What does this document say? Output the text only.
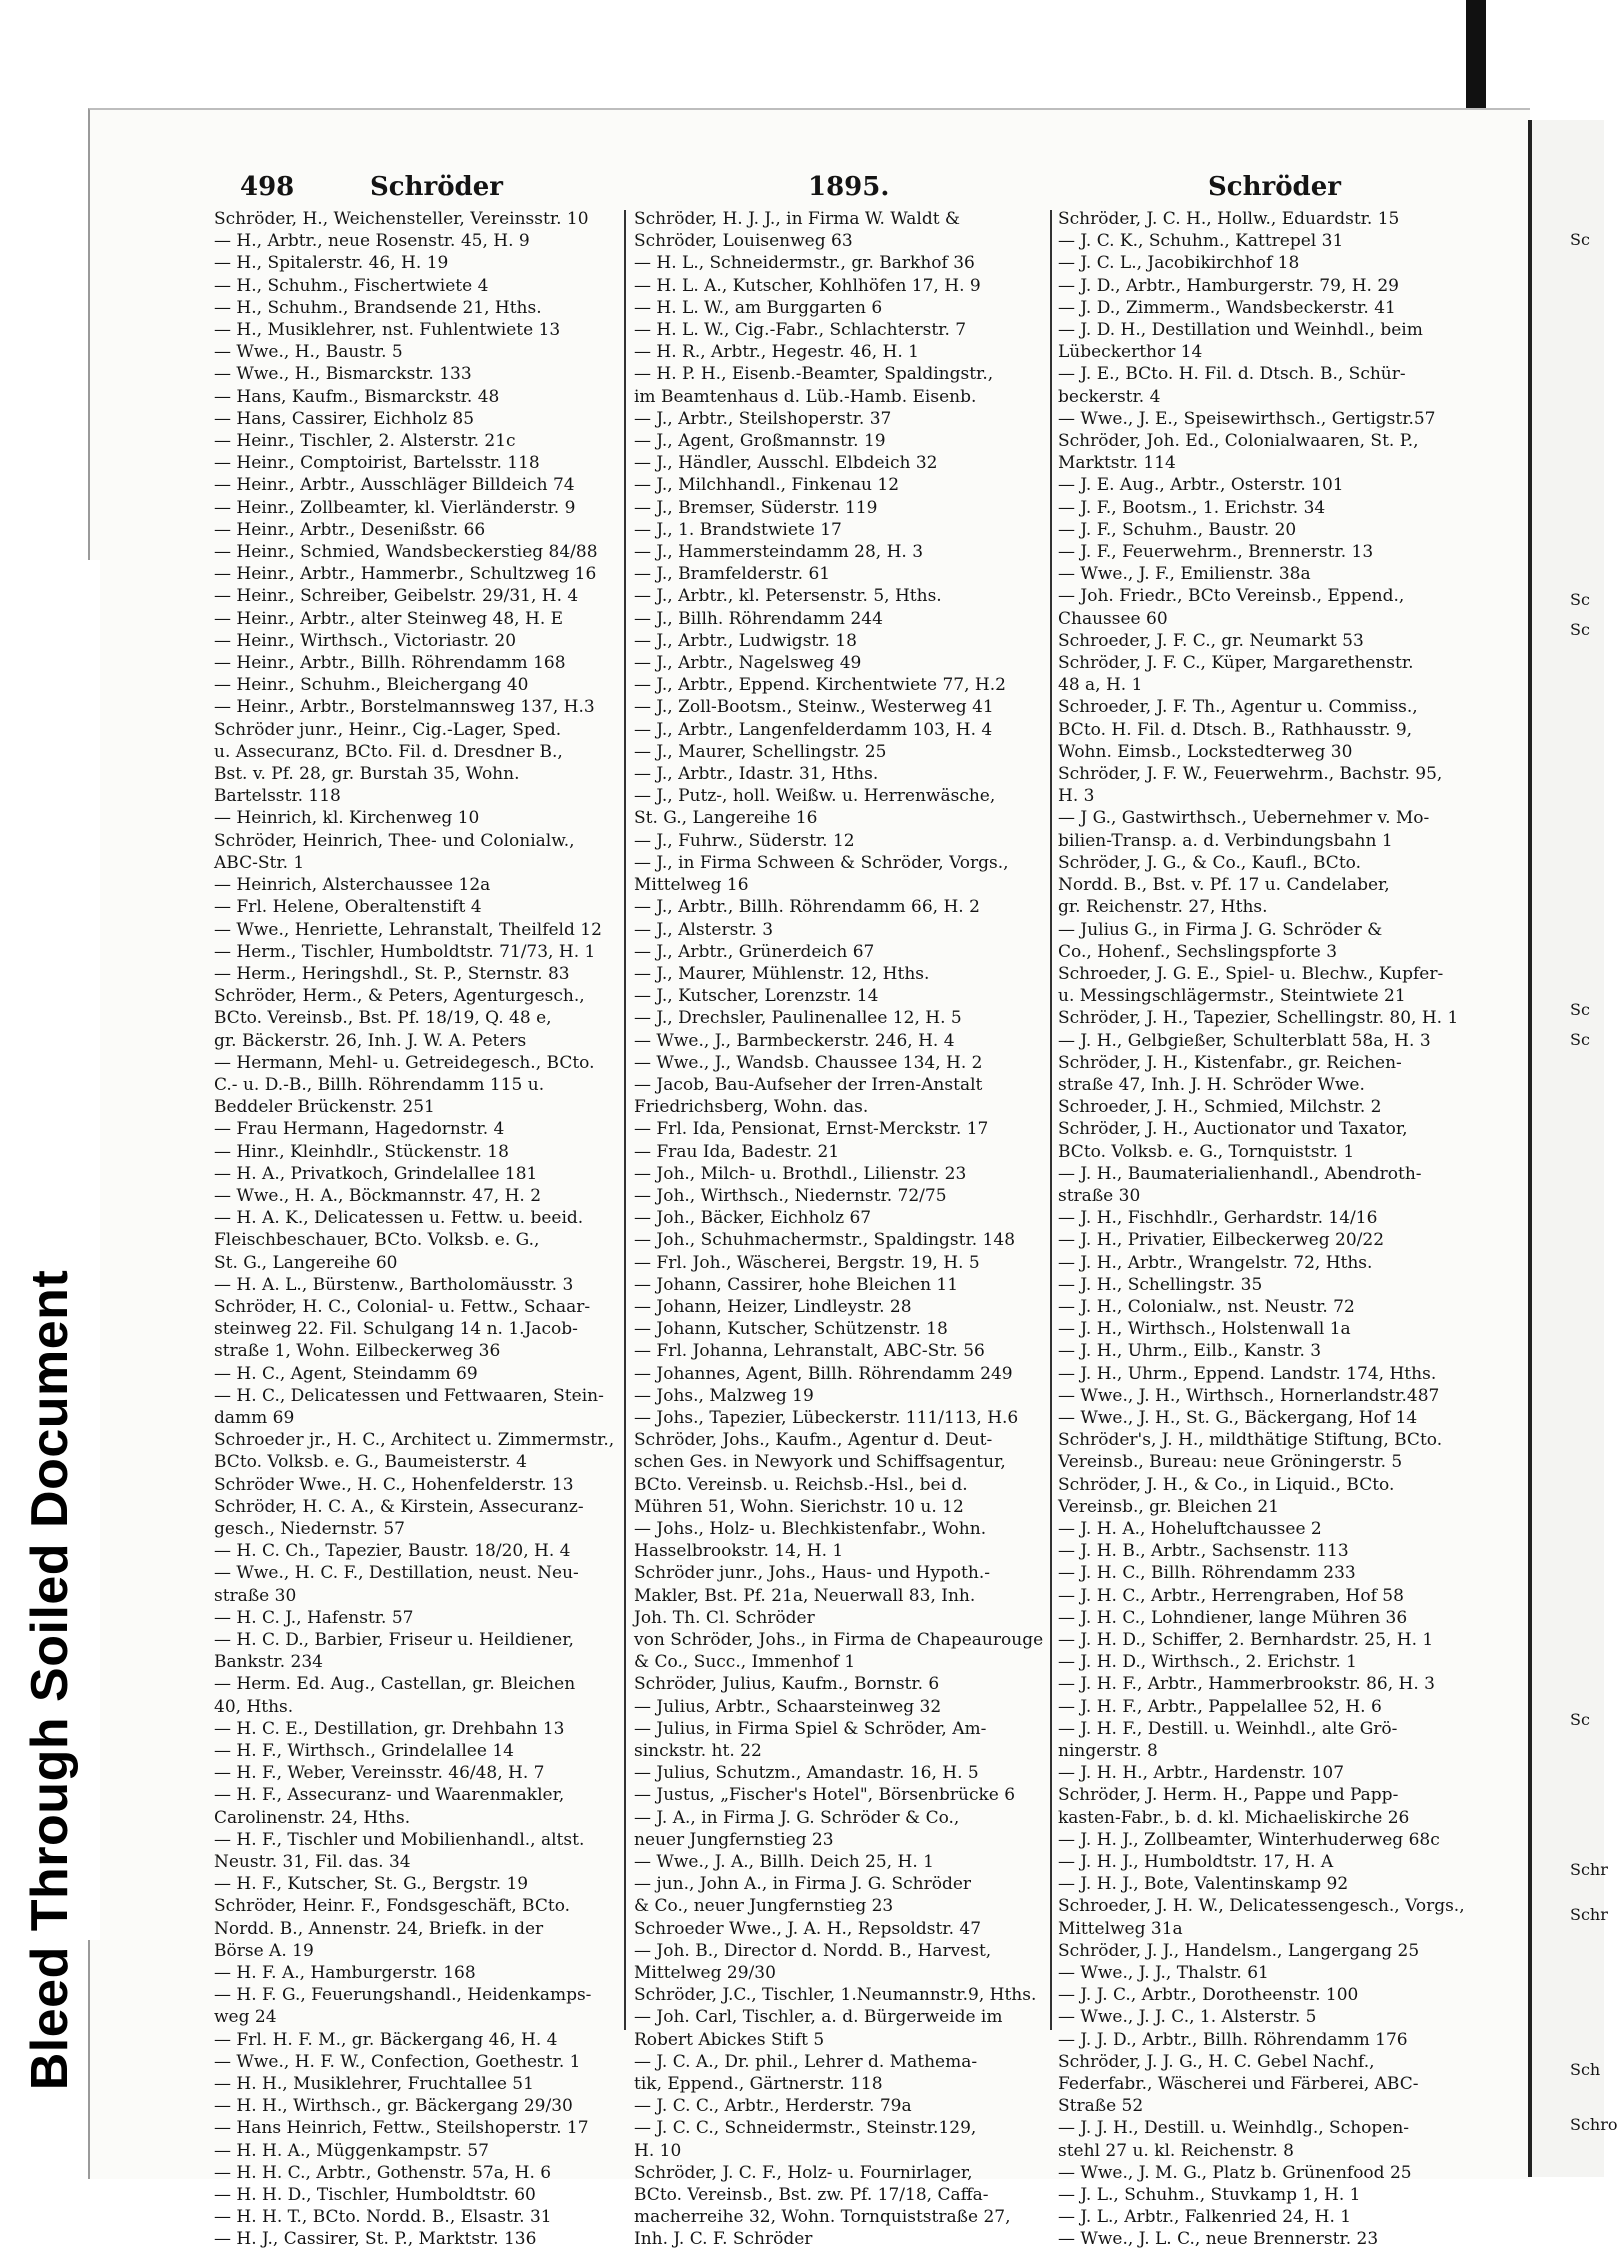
Bleed Through Soiled Document
498	Schröder	1895.	Schröder
Schröder, H., Weichensteller, Vereinsstr. 10
— H., Arbtr., neue Rosenstr. 45, H. 9
— H., Spitalerstr. 46, H. 19
— H., Schuhm., Fischertwiete 4
— H., Schuhm., Brandsende 21, Hths.
— H., Musiklehrer, nst. Fuhlentwiete 13
— Wwe., H., Baustr. 5
— Wwe., H., Bismarckstr. 133
— Hans, Kaufm., Bismarckstr. 48
— Hans, Cassirer, Eichholz 85
— Heinr., Tischler, 2. Alsterstr. 21c
— Heinr., Comptoirist, Bartelsstr. 118
— Heinr., Arbtr., Ausschläger Billdeich 74
— Heinr., Zollbeamter, kl. Vierländerstr. 9
— Heinr., Arbtr., Desenißstr. 66
— Heinr., Schmied, Wandsbeckerstieg 84/88
— Heinr., Arbtr., Hammerbr., Schultzweg 16
— Heinr., Schreiber, Geibelstr. 29/31, H. 4
— Heinr., Arbtr., alter Steinweg 48, H. E
— Heinr., Wirthsch., Victoriastr. 20
— Heinr., Arbtr., Billh. Röhrendamm 168
— Heinr., Schuhm., Bleichergang 40
— Heinr., Arbtr., Borstelmannsweg 137, H.3
Schröder junr., Heinr., Cig.-Lager, Sped.
u. Assecuranz, BCto. Fil. d. Dresdner B.,
Bst. v. Pf. 28, gr. Burstah 35, Wohn.
Bartelsstr. 118
— Heinrich, kl. Kirchenweg 10
Schröder, Heinrich, Thee- und Colonialw.,
ABC-Str. 1
— Heinrich, Alsterchaussee 12a
— Frl. Helene, Oberaltenstift 4
— Wwe., Henriette, Lehranstalt, Theilfeld 12
— Herm., Tischler, Humboldtstr. 71/73, H. 1
— Herm., Heringshdl., St. P., Sternstr. 83
Schröder, Herm., & Peters, Agenturgesch.,
BCto. Vereinsb., Bst. Pf. 18/19, Q. 48 e,
gr. Bäckerstr. 26, Inh. J. W. A. Peters
— Hermann, Mehl- u. Getreidegesch., BCto.
C.- u. D.-B., Billh. Röhrendamm 115 u.
Beddeler Brückenstr. 251
— Frau Hermann, Hagedornstr. 4
— Hinr., Kleinhdlr., Stückenstr. 18
— H. A., Privatkoch, Grindelallee 181
— Wwe., H. A., Böckmannstr. 47, H. 2
— H. A. K., Delicatessen u. Fettw. u. beeid.
Fleischbeschauer, BCto. Volksb. e. G.,
St. G., Langereihe 60
— H. A. L., Bürstenw., Bartholomäusstr. 3
Schröder, H. C., Colonial- u. Fettw., Schaar-
steinweg 22. Fil. Schulgang 14 n. 1.Jacob-
straße 1, Wohn. Eilbeckerweg 36
— H. C., Agent, Steindamm 69
— H. C., Delicatessen und Fettwaaren, Stein-
damm 69
Schroeder jr., H. C., Architect u. Zimmermstr.,
BCto. Volksb. e. G., Baumeisterstr. 4
Schröder Wwe., H. C., Hohenfelderstr. 13
Schröder, H. C. A., & Kirstein, Assecuranz-
gesch., Niedernstr. 57
— H. C. Ch., Tapezier, Baustr. 18/20, H. 4
— Wwe., H. C. F., Destillation, neust. Neu-
straße 30
— H. C. J., Hafenstr. 57
— H. C. D., Barbier, Friseur u. Heildiener,
Bankstr. 234
— Herm. Ed. Aug., Castellan, gr. Bleichen
40, Hths.
— H. C. E., Destillation, gr. Drehbahn 13
— H. F., Wirthsch., Grindelallee 14
— H. F., Weber, Vereinsstr. 46/48, H. 7
— H. F., Assecuranz- und Waarenmakler,
Carolinenstr. 24, Hths.
— H. F., Tischler und Mobilienhandl., altst.
Neustr. 31, Fil. das. 34
— H. F., Kutscher, St. G., Bergstr. 19
Schröder, Heinr. F., Fondsgeschäft, BCto.
Nordd. B., Annenstr. 24, Briefk. in der
Börse A. 19
— H. F. A., Hamburgerstr. 168
— H. F. G., Feuerungshandl., Heidenkamps-
weg 24
— Frl. H. F. M., gr. Bäckergang 46, H. 4
— Wwe., H. F. W., Confection, Goethestr. 1
— H. H., Musiklehrer, Fruchtallee 51
— H. H., Wirthsch., gr. Bäckergang 29/30
— Hans Heinrich, Fettw., Steilshoperstr. 17
— H. H. A., Müggenkampstr. 57
— H. H. C., Arbtr., Gothenstr. 57a, H. 6
— H. H. D., Tischler, Humboldtstr. 60
— H. H. T., BCto. Nordd. B., Elsastr. 31
— H. J., Cassirer, St. P., Marktstr. 136
Schröder, H. J. J., in Firma W. Waldt &
Schröder, Louisenweg 63
— H. L., Schneidermstr., gr. Barkhof 36
— H. L. A., Kutscher, Kohlhöfen 17, H. 9
— H. L. W., am Burggarten 6
— H. L. W., Cig.-Fabr., Schlachterstr. 7
— H. R., Arbtr., Hegestr. 46, H. 1
— H. P. H., Eisenb.-Beamter, Spaldingstr.,
im Beamtenhaus d. Lüb.-Hamb. Eisenb.
— J., Arbtr., Steilshoperstr. 37
— J., Agent, Großmannstr. 19
— J., Händler, Ausschl. Elbdeich 32
— J., Milchhandl., Finkenau 12
— J., Bremser, Süderstr. 119
— J., 1. Brandstwiete 17
— J., Hammersteindamm 28, H. 3
— J., Bramfelderstr. 61
— J., Arbtr., kl. Petersenstr. 5, Hths.
— J., Billh. Röhrendamm 244
— J., Arbtr., Ludwigstr. 18
— J., Arbtr., Nagelsweg 49
— J., Arbtr., Eppend. Kirchentwiete 77, H.2
— J., Zoll-Bootsm., Steinw., Westerweg 41
— J., Arbtr., Langenfelderdamm 103, H. 4
— J., Maurer, Schellingstr. 25
— J., Arbtr., Idastr. 31, Hths.
— J., Putz-, holl. Weißw. u. Herrenwäsche,
St. G., Langereihe 16
— J., Fuhrw., Süderstr. 12
— J., in Firma Schween & Schröder, Vorgs.,
Mittelweg 16
— J., Arbtr., Billh. Röhrendamm 66, H. 2
— J., Alsterstr. 3
— J., Arbtr., Grünerdeich 67
— J., Maurer, Mühlenstr. 12, Hths.
— J., Kutscher, Lorenzstr. 14
— J., Drechsler, Paulinenallee 12, H. 5
— Wwe., J., Barmbeckerstr. 246, H. 4
— Wwe., J., Wandsb. Chaussee 134, H. 2
— Jacob, Bau-Aufseher der Irren-Anstalt
Friedrichsberg, Wohn. das.
— Frl. Ida, Pensionat, Ernst-Merckstr. 17
— Frau Ida, Badestr. 21
— Joh., Milch- u. Brothdl., Lilienstr. 23
— Joh., Wirthsch., Niedernstr. 72/75
— Joh., Bäcker, Eichholz 67
— Joh., Schuhmachermstr., Spaldingstr. 148
— Frl. Joh., Wäscherei, Bergstr. 19, H. 5
— Johann, Cassirer, hohe Bleichen 11
— Johann, Heizer, Lindleystr. 28
— Johann, Kutscher, Schützenstr. 18
— Frl. Johanna, Lehranstalt, ABC-Str. 56
— Johannes, Agent, Billh. Röhrendamm 249
— Johs., Malzweg 19
— Johs., Tapezier, Lübeckerstr. 111/113, H.6
Schröder, Johs., Kaufm., Agentur d. Deut-
schen Ges. in Newyork und Schiffsagentur,
BCto. Vereinsb. u. Reichsb.-Hsl., bei d.
Mühren 51, Wohn. Sierichstr. 10 u. 12
— Johs., Holz- u. Blechkistenfabr., Wohn.
Hasselbrookstr. 14, H. 1
Schröder junr., Johs., Haus- und Hypoth.-
Makler, Bst. Pf. 21a, Neuerwall 83, Inh.
Joh. Th. Cl. Schröder
von Schröder, Johs., in Firma de Chapeaurouge
& Co., Succ., Immenhof 1
Schröder, Julius, Kaufm., Bornstr. 6
— Julius, Arbtr., Schaarsteinweg 32
— Julius, in Firma Spiel & Schröder, Am-
sinckstr. ht. 22
— Julius, Schutzm., Amandastr. 16, H. 5
— Justus, „Fischer's Hotel", Börsenbrücke 6
— J. A., in Firma J. G. Schröder & Co.,
neuer Jungfernstieg 23
— Wwe., J. A., Billh. Deich 25, H. 1
— jun., John A., in Firma J. G. Schröder
& Co., neuer Jungfernstieg 23
Schroeder Wwe., J. A. H., Repsoldstr. 47
— Joh. B., Director d. Nordd. B., Harvest,
Mittelweg 29/30
Schröder, J.C., Tischler, 1.Neumannstr.9, Hths.
— Joh. Carl, Tischler, a. d. Bürgerweide im
Robert Abickes Stift 5
— J. C. A., Dr. phil., Lehrer d. Mathema-
tik, Eppend., Gärtnerstr. 118
— J. C. C., Arbtr., Herderstr. 79a
— J. C. C., Schneidermstr., Steinstr.129,
H. 10
Schröder, J. C. F., Holz- u. Fournirlager,
BCto. Vereinsb., Bst. zw. Pf. 17/18, Caffa-
macherreihe 32, Wohn. Tornquiststraße 27,
Inh. J. C. F. Schröder
Schröder, J. C. H., Hollw., Eduardstr. 15
— J. C. K., Schuhm., Kattrepel 31
— J. C. L., Jacobikirchhof 18
— J. D., Arbtr., Hamburgerstr. 79, H. 29
— J. D., Zimmerm., Wandsbeckerstr. 41
— J. D. H., Destillation und Weinhdl., beim
Lübeckerthor 14
— J. E., BCto. H. Fil. d. Dtsch. B., Schür-
beckerstr. 4
— Wwe., J. E., Speisewirthsch., Gertigstr.57
Schröder, Joh. Ed., Colonialwaaren, St. P.,
Marktstr. 114
— J. E. Aug., Arbtr., Osterstr. 101
— J. F., Bootsm., 1. Erichstr. 34
— J. F., Schuhm., Baustr. 20
— J. F., Feuerwehrm., Brennerstr. 13
— Wwe., J. F., Emilienstr. 38a
— Joh. Friedr., BCto Vereinsb., Eppend.,
Chaussee 60
Schroeder, J. F. C., gr. Neumarkt 53
Schröder, J. F. C., Küper, Margarethenstr.
48 a, H. 1
Schroeder, J. F. Th., Agentur u. Commiss.,
BCto. H. Fil. d. Dtsch. B., Rathhausstr. 9,
Wohn. Eimsb., Lockstedterweg 30
Schröder, J. F. W., Feuerwehrm., Bachstr. 95,
H. 3
— J G., Gastwirthsch., Uebernehmer v. Mo-
bilien-Transp. a. d. Verbindungsbahn 1
Schröder, J. G., & Co., Kaufl., BCto.
Nordd. B., Bst. v. Pf. 17 u. Candelaber,
gr. Reichenstr. 27, Hths.
— Julius G., in Firma J. G. Schröder &
Co., Hohenf., Sechslingspforte 3
Schroeder, J. G. E., Spiel- u. Blechw., Kupfer-
u. Messingschlägermstr., Steintwiete 21
Schröder, J. H., Tapezier, Schellingstr. 80, H. 1
— J. H., Gelbgießer, Schulterblatt 58a, H. 3
Schröder, J. H., Kistenfabr., gr. Reichen-
straße 47, Inh. J. H. Schröder Wwe.
Schroeder, J. H., Schmied, Milchstr. 2
Schröder, J. H., Auctionator und Taxator,
BCto. Volksb. e. G., Tornquiststr. 1
— J. H., Baumaterialienhandl., Abendroth-
straße 30
— J. H., Fischhdlr., Gerhardstr. 14/16
— J. H., Privatier, Eilbeckerweg 20/22
— J. H., Arbtr., Wrangelstr. 72, Hths.
— J. H., Schellingstr. 35
— J. H., Colonialw., nst. Neustr. 72
— J. H., Wirthsch., Holstenwall 1a
— J. H., Uhrm., Eilb., Kanstr. 3
— J. H., Uhrm., Eppend. Landstr. 174, Hths.
— Wwe., J. H., Wirthsch., Hornerlandstr.487
— Wwe., J. H., St. G., Bäckergang, Hof 14
Schröder's, J. H., mildthätige Stiftung, BCto.
Vereinsb., Bureau: neue Gröningerstr. 5
Schröder, J. H., & Co., in Liquid., BCto.
Vereinsb., gr. Bleichen 21
— J. H. A., Hoheluftchaussee 2
— J. H. B., Arbtr., Sachsenstr. 113
— J. H. C., Billh. Röhrendamm 233
— J. H. C., Arbtr., Herrengraben, Hof 58
— J. H. C., Lohndiener, lange Mühren 36
— J. H. D., Schiffer, 2. Bernhardstr. 25, H. 1
— J. H. D., Wirthsch., 2. Erichstr. 1
— J. H. F., Arbtr., Hammerbrookstr. 86, H. 3
— J. H. F., Arbtr., Pappelallee 52, H. 6
— J. H. F., Destill. u. Weinhdl., alte Grö-
ningerstr. 8
— J. H. H., Arbtr., Hardenstr. 107
Schröder, J. Herm. H., Pappe und Papp-
kasten-Fabr., b. d. kl. Michaeliskirche 26
— J. H. J., Zollbeamter, Winterhuderweg 68c
— J. H. J., Humboldtstr. 17, H. A
— J. H. J., Bote, Valentinskamp 92
Schroeder, J. H. W., Delicatessengesch., Vorgs.,
Mittelweg 31a
Schröder, J. J., Handelsm., Langergang 25
— Wwe., J. J., Thalstr. 61
— J. J. C., Arbtr., Dorotheenstr. 100
— Wwe., J. J. C., 1. Alsterstr. 5
— J. J. D., Arbtr., Billh. Röhrendamm 176
Schröder, J. J. G., H. C. Gebel Nachf.,
Federfabr., Wäscherei und Färberei, ABC-
Straße 52
— J. J. H., Destill. u. Weinhdlg., Schopen-
stehl 27 u. kl. Reichenstr. 8
— Wwe., J. M. G., Platz b. Grünenfood 25
— J. L., Schuhm., Stuvkamp 1, H. 1
— J. L., Arbtr., Falkenried 24, H. 1
— Wwe., J. L. C., neue Brennerstr. 23
Sc
Sc
Sc
Sc
Sc
Sc
Schr
Schr
Sch
Schro
